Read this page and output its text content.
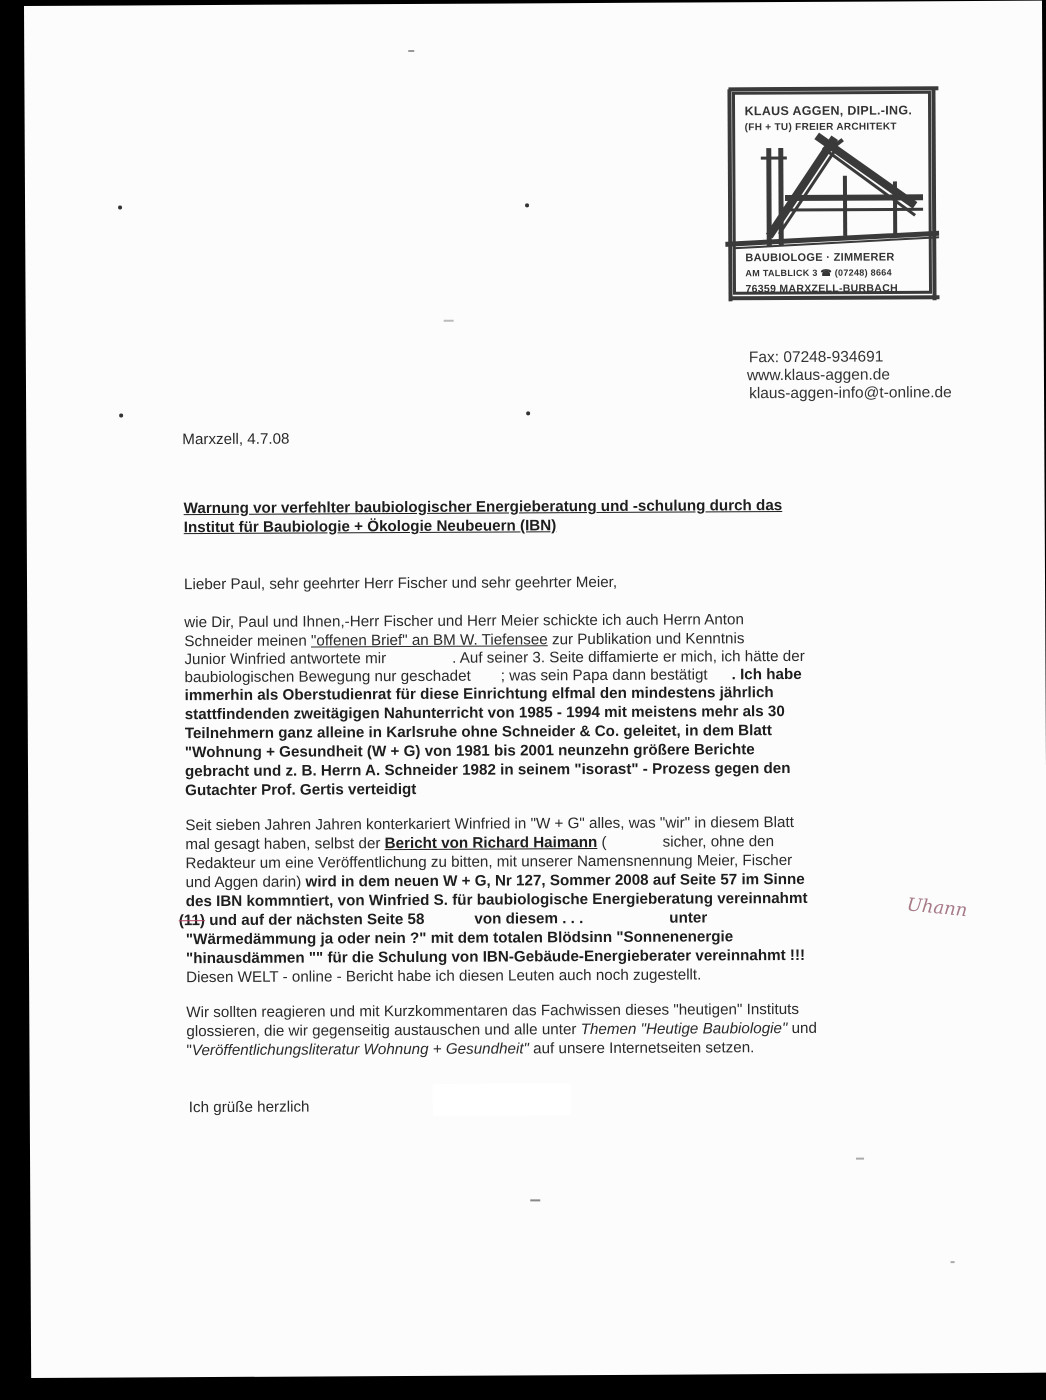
KLAUS AGGEN, DIPL.-ING.
(FH + TU) FREIER ARCHITEKT
BAUBIOLOGE · ZIMMERER
AM TALBLICK 3 ☎ (07248) 8664
76359 MARXZELL-BURBACH
Fax: 07248-934691
www.klaus-aggen.de
klaus-aggen-info@t-online.de
Marxzell, 4.7.08
Warnung vor verfehlter baubiologischer Energieberatung und -schulung durch das
Institut für Baubiologie + Ökologie Neubeuern (IBN)
Lieber Paul, sehr geehrter Herr Fischer und sehr geehrter Meier,
wie Dir, Paul und Ihnen,-Herr Fischer und Herr Meier schickte ich auch Herrn Anton
Schneider meinen "offenen Brief" an BM W. Tiefensee zur Publikation und Kenntnis
Junior Winfried antwortete mir	. Auf seiner 3. Seite diffamierte er mich, ich hätte der
baubiologischen Bewegung nur geschadet ; was sein Papa dann bestätigt . Ich habe
immerhin als Oberstudienrat für diese Einrichtung elfmal den mindestens jährlich
stattfindenden zweitägigen Nahunterricht von 1985 - 1994 mit meistens mehr als 30
Teilnehmern ganz alleine in Karlsruhe ohne Schneider & Co. geleitet, in dem Blatt
"Wohnung + Gesundheit (W + G) von 1981 bis 2001 neunzehn größere Berichte
gebracht und z. B. Herrn A. Schneider 1982 in seinem "isorast" - Prozess gegen den
Gutachter Prof. Gertis verteidigt
Seit sieben Jahren Jahren konterkariert Winfried in "W + G" alles, was "wir" in diesem Blatt
mal gesagt haben, selbst der Bericht von Richard Haimann (	sicher, ohne den
Redakteur um eine Veröffentlichung zu bitten, mit unserer Namensnennung Meier, Fischer
und Aggen darin) wird in dem neuen W + G, Nr 127, Sommer 2008 auf Seite 57 im Sinne
des IBN kommntiert, von Winfried S. für baubiologische Energieberatung vereinnahmt
(11) und auf der nächsten Seite 58	von diesem . . .	unter
"Wärmedämmung ja oder nein ?" mit dem totalen Blödsinn "Sonnenenergie
"hinausdämmen "" für die Schulung von IBN-Gebäude-Energieberater vereinnahmt !!!
Diesen WELT - online - Bericht habe ich diesen Leuten auch noch zugestellt.
Uhann
Wir sollten reagieren und mit Kurzkommentaren das Fachwissen dieses "heutigen" Instituts
glossieren, die wir gegenseitig austauschen und alle unter Themen "Heutige Baubiologie" und
"Veröffentlichungsliteratur Wohnung + Gesundheit" auf unsere Internetseiten setzen.
Ich grüße herzlich
